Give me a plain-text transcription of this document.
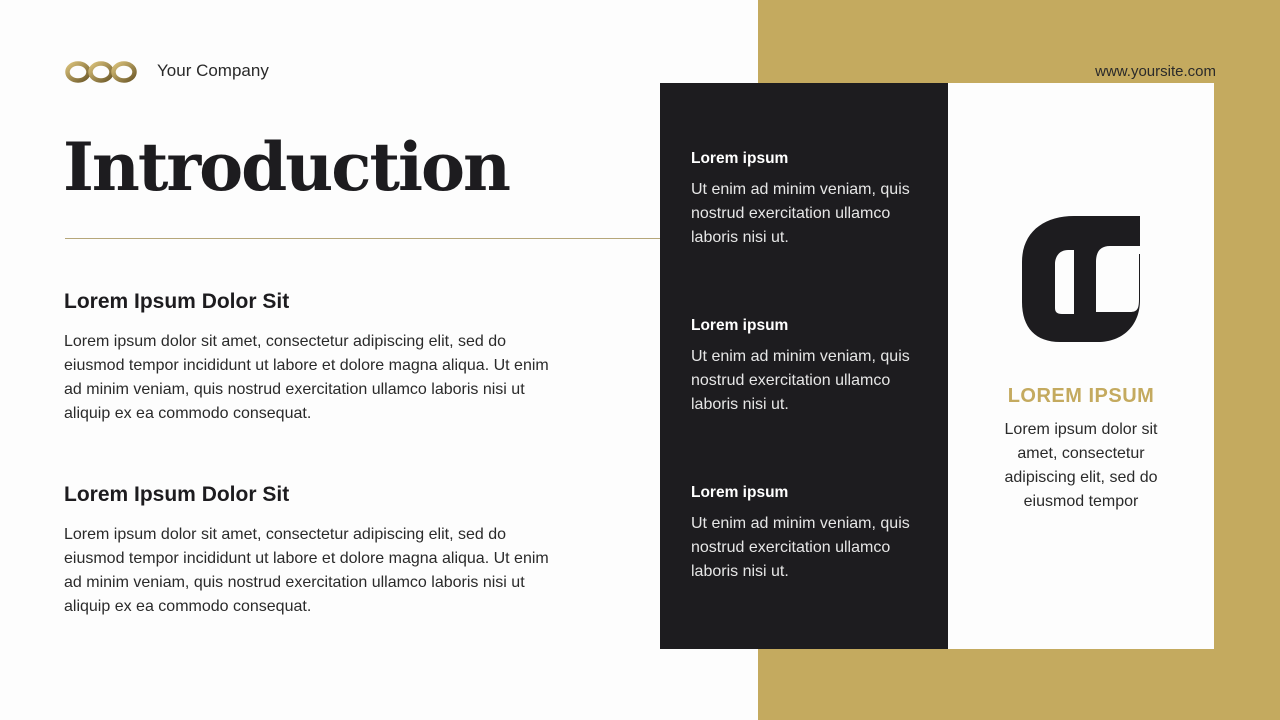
Your Company	www.yoursite.com
Introduction
Lorem Ipsum Dolor Sit

Lorem ipsum dolor sit amet, consectetur adipiscing elit, sed do eiusmod tempor incididunt ut labore et dolore magna aliqua. Ut enim ad minim veniam, quis nostrud exercitation ullamco laboris nisi ut aliquip ex ea commodo consequat.

Lorem Ipsum Dolor Sit

Lorem ipsum dolor sit amet, consectetur adipiscing elit, sed do eiusmod tempor incididunt ut labore et dolore magna aliqua. Ut enim ad minim veniam, quis nostrud exercitation ullamco laboris nisi ut aliquip ex ea commodo consequat.

Lorem ipsum

Ut enim ad minim veniam, quis nostrud exercitation ullamco laboris nisi ut.

Lorem ipsum

Ut enim ad minim veniam, quis nostrud exercitation ullamco laboris nisi ut.

Lorem ipsum

Ut enim ad minim veniam, quis nostrud exercitation ullamco laboris nisi ut.

LOREM IPSUM

Lorem ipsum dolor sit amet, consectetur adipiscing elit, sed do eiusmod tempor
